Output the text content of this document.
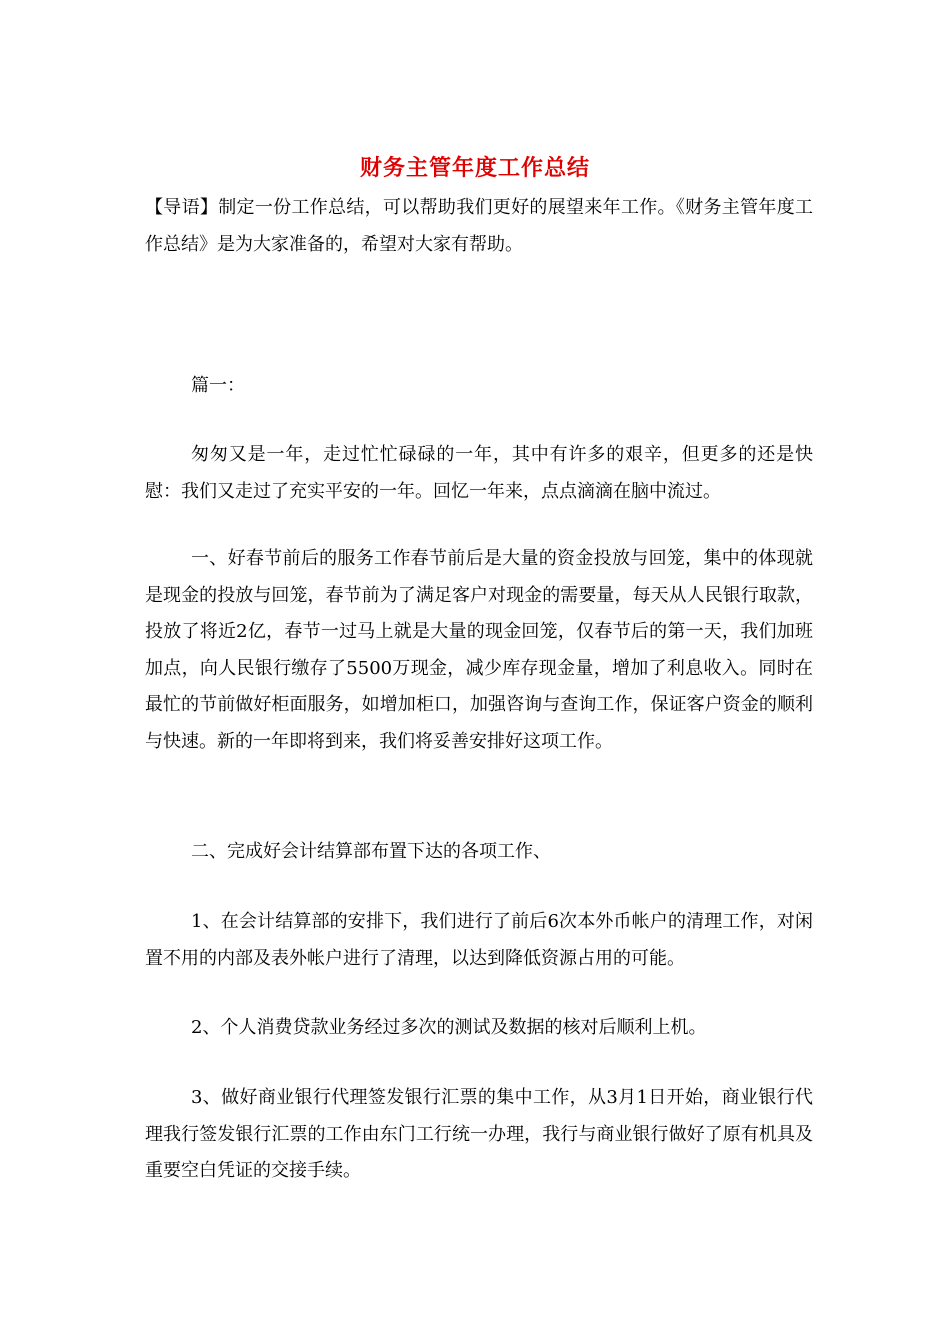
财务主管年度工作总结

【导语】制定一份工作总结，可以帮助我们更好的展望来年工作。《财务主管年度工作总结》是为大家准备的，希望对大家有帮助。

篇一：

匆匆又是一年，走过忙忙碌碌的一年，其中有许多的艰辛，但更多的还是快慰：我们又走过了充实平安的一年。回忆一年来，点点滴滴在脑中流过。

一、好春节前后的服务工作春节前后是大量的资金投放与回笼，集中的体现就是现金的投放与回笼，春节前为了满足客户对现金的需要量，每天从人民银行取款，投放了将近2亿，春节一过马上就是大量的现金回笼，仅春节后的第一天，我们加班加点，向人民银行缴存了5500万现金，减少库存现金量，增加了利息收入。同时在最忙的节前做好柜面服务，如增加柜口，加强咨询与查询工作，保证客户资金的顺利与快速。新的一年即将到来，我们将妥善安排好这项工作。

二、完成好会计结算部布置下达的各项工作、

1、在会计结算部的安排下，我们进行了前后6次本外币帐户的清理工作，对闲置不用的内部及表外帐户进行了清理，以达到降低资源占用的可能。

2、个人消费贷款业务经过多次的测试及数据的核对后顺利上机。

3、做好商业银行代理签发银行汇票的集中工作，从3月1日开始，商业银行代理我行签发银行汇票的工作由东门工行统一办理，我行与商业银行做好了原有机具及重要空白凭证的交接手续。
